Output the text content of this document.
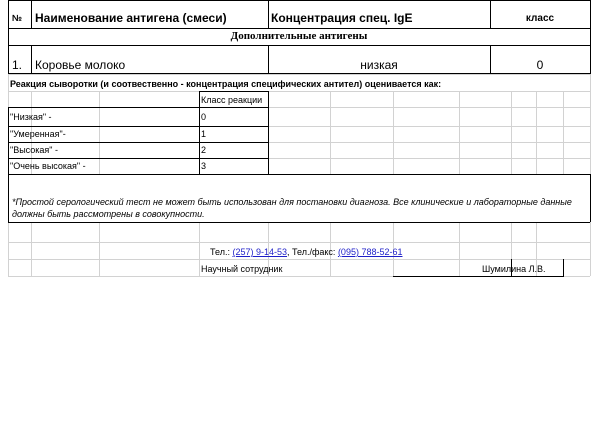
№ Наименование антигена (смеси)	Концентрация спец. IgE	класс
Дополнительные антигены
1. Коровье молоко	низкая	0
Реакция сыворотки (и соотвественно - концентрация специфических антител) оценивается как:
Класс реакции
"Низкая" -	0
"Умеренная"-	1
"Высокая" -	2
"Очень высокая" -	3
*Простой серологический тест не может быть использован для постановки диагноза. Все клинические и лабораторные данные
должны быть рассмотрены в совокупности.
Тел.: (257) 9-14-53, Тел./факс: (095) 788-52-61
Научный сотрудник	Шумилина Л.В.
